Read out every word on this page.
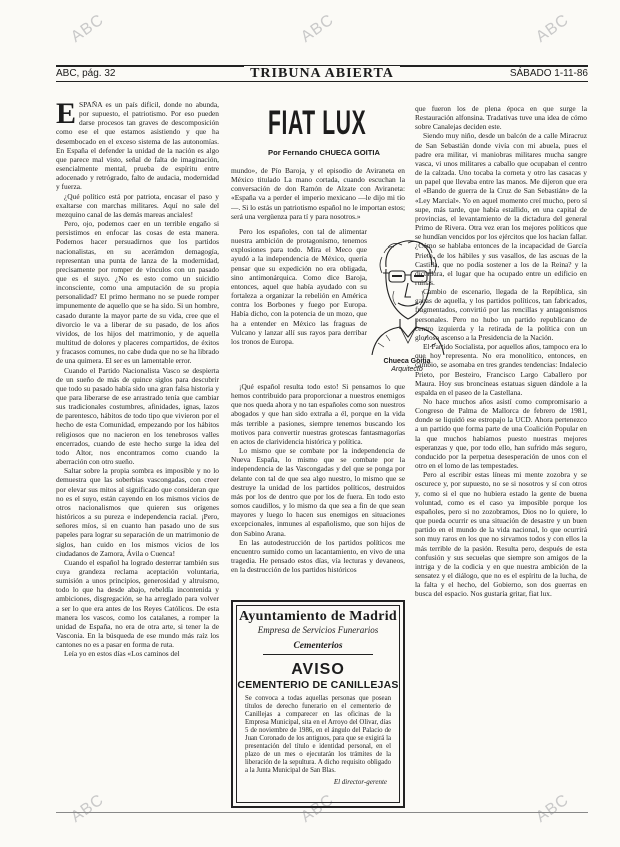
ABC	ABC	ABC
ABC	ABC	ABC
ABC, pág. 32	TRIBUNA ABIERTA	SÁBADO 1-11-86

ESPAÑA es un país difícil, donde no abunda, por supuesto, el patriotismo. Por eso pueden darse procesos tan graves de descomposición como ese el que estamos asistiendo y que ha desembocado en el exceso sistema de las autonomías. En España el defender la unidad de la nación es algo que parece mal visto, señal de falta de imaginación, esencialmente mental, prueba de espíritu entre adocenado y retrógrado, falto de audacia, modernidad y fuerza.

¿Qué político está por patriota, encasar el paso y exaltarse con marchas militares. Aquí no sale del mezquino canal de las demás mareas anciales!

Pero, ojo, podemos caer en un terrible engaño si persistimos en enfocar las cosas de esta manera. Podemos hacer persuadirnos que los partidos nacionalistas, en su acerámdon demagogía, representan una punta de lanza de la modernidad, precisamente por romper de vínculos con un pasado que es el suyo. ¿No es esto como un suicidio inconsciente, como una amputación de su propia personalidad? El primo hermano no se puede romper impunemente de aquello que se ha sido. Si un hombre, casado durante la mayor parte de su vida, cree que el divorcio le va a liberar de su pasado, de los años vividos, de los hijos del matrimonio, y de aquella multitud de dolores y placeres compartidos, de éxitos y fracasos comunes, no cabe duda que no se ha librado de una quimera. El ser es un lamentable error.

Cuando el Partido Nacionalista Vasco se despierta de un sueño de más de quince siglos para descubrir que todo su pasado había sido una gran falsa historia y que para liberarse de ese arrastrado tenía que cambiar sus tradicionales costumbres, afinidades, ignas, lazos de parentesco, hábitos de todo tipo que vivieron por el hecho de esta Comunidad, empezando por los hábitos religiosos que no nacieron en los tenebrosos valles encerrados, cuando de este hecho surge la idea del todo Altor, nos encontramos como cuando la aberración con otro sueño.

Saltar sobre la propia sombra es imposible y no lo demuestra que las soberbias vascongadas, con creer por elevar sus mitos al significado que consideran que no es el suyo, están cayendo en los mismos vicios de otros nacionalismos que quieren sus orígenes históricos a su pureza e independencia racial. ¡Pero, señores míos, si en cuanto han pasado uno de sus papeles para lograr su separación de un matrimonio de siglos, han cuido en los mismos vicios de los ciudadanos de Zamora, Ávila o Cuenca!

Cuando el español ha logrado desterrar también sus cuya grandeza reclama aceptación voluntaria, sumisión a unos principios, generosidad y altruismo, todo lo que ha desde abajo, rebeldía incontenida y ambiciones, disgregación, se ha arreglado para volver a ser lo que era antes de los Reyes Católicos. De esta manera los vascos, como los catalanes, a romper la unidad de España, no era de otra arte, si tener la de Vasconia. En la búsqueda de ese mundo más raíz los cantones no es a pasar en forma de ruta.

Leía yo en estos días «Los caminos del

FIAT LUX
Por Fernando CHUECA GOITIA

mundo», de Pío Baroja, y el episodio de Aviraneta en México titulado La mano cortada, cuando escuchan la conversación de don Ramón de Alzate con Aviraneta: «España va a perder el imperio mexicano —le dijo mi tío—. Si lo estás un patriotismo español no le importan estos; será una vergüenza para tí y para nosotros.»

Pero los españoles, con tal de alimentar nuestra ambición de protagonismo, tenemos explosiones para todo. Mira el Meco que ayudó a la independencia de México, quería pensar que su expedición no era obligada, sino antimonárquica. Como dice Baroja, entonces, aquel que había ayudado con su fortaleza a organizar la rebelión en América contra los Borbones y fuego por Europa. Había dicho, con la potencia de un mozo, que ha a entender en México las fraguas de Vulcano y lanzar allí sus rayos para derribar los tronos de Europa.

Chueca Goitia
Arquitecto

¡Qué español resulta todo esto! Si pensamos lo que hemos contribuido para proporcionar a nuestros enemigos que nos queda ahora y no tan españoles como son nuestros abogados y que han sido extraña a él, porque en la vida más terrible a pasiones, siempre tenemos buscando los motivos para convertir nuestras grotescas fantasmagorías en actos de clarividencia histórica y política.

Lo mismo que se combate por la independencia de Nueva España, lo mismo que se combate por la independencia de las Vascongadas y del que se ponga por delante con tal de que sea algo nuestro, lo mismo que se destruye la unidad de los partidos políticos, destruidos más por los de dentro que por los de fuera. En todo esto somos caudillos, y lo mismo da que sea a fin de que sean mayores y luego lo hacen sus enemigos en situaciones excepcionales, inmunes al españolismo, que son hijos de don Sabino Arana.

En las autodestrucción de los partidos políticos me encuentro sumido como un lacantamiento, en vivo de una tragedia. He pensado estos días, vía lecturas y devaneos, en la destrucción de los partidos históricos

Ayuntamiento de Madrid
Empresa de Servicios Funerarios
Cementerios
AVISO
CEMENTERIO DE CANILLEJAS
Se convoca a todas aquellas personas que posean títulos de derecho funerario en el cementerio de Canillejas a comparecer en las oficinas de la Empresa Municipal, sita en el Arroyo del Olivar, días 5 de noviembre de 1986, en el ángulo del Palacio de Juan Coronado de los antiguos, para que se exigirá la presentación del título e identidad personal, en el plazo de un mes o ejecutarán los trámites de la liberación de la sepultura. A dicho requisito obligado a la Junta Municipal de San Blas.
El director-gerente

que fueron los de plena época en que surge la Restauración alfonsina. Tradativas tuve una idea de cómo sobre Canalejas deciden este.

Siendo muy niño, desde un balcón de a calle Miracruz de San Sebastián donde vivía con mi abuela, pues el padre era militar, vi maniobras militares mucha sangre vasca, vi unos militares a caballo que ocupaban el centro de la calzada. Uno tocaba la corneta y otro las casacas y un papel que llevaba entre las manos. Me dijeron que era el «Bando de guerra de la Cruz de San Sebastián» de la «Ley Marcial». Yo en aquel momento creí mucho, pero sí supe, más tarde, que había estallido, en una capital de provincias, el levantamiento de la dictadura del general Primo de Rivera. Otra vez eran los mejores políticos que se hundían vencidos por los ejércitos que los hacían fallar. ¿Cómo se hablaba entonces de la incapacidad de García Prieto, de los hábiles y sus vasallos, de las ascuas de la Castilla, que no podía sostener a los de la Reina? y la dictadura, el lugar que ha ocupado entre un edificio en ruinas.

Cambio de escenario, llegada de la República, sin ganas de aquella, y los partidos políticos, tan fabricados, fragmentados, convirtió por las rencillas y antagonismos personales. Pero no hubo un partido republicano de centro izquierda y la retirada de la política con un glorioso ascenso a la Presidencia de la Nación.

El Partido Socialista, por aquellos años, tampoco era lo que hoy representa. No era monolítico, entonces, en cambio, se asomaba en tres grandes tendencias: Indalecio Prieto, por Besteiro, Francisco Largo Caballero por Maura. Hoy sus broncíneas estatuas siguen dándole a la espalda en el paseo de la Castellana.

No hace muchos años asistí como compromisario a Congreso de Palma de Mallorca de febrero de 1981, donde se liquidó ese estropajo la UCD. Ahora pertenezco a un partido que forma parte de una Coalición Popular en la que muchos habíamos puesto nuestras mejores esperanzas y que, por todo ello, han sufrido más seguro, conducido por la perpetua desesperación de unos con el otro en el lomo de las tempestades.

Pero al escribir estas líneas mi mente zozobra y se oscurece y, por supuesto, no se si nosotros y sí con otros y, como si el que no hubiera estado la gente de buena voluntad, como es el caso ya imposible porque los españoles, pero si no zozobramos, Dios no lo quiere, lo que pueda ocurrir es una situación de desastre y un buen partido en el mundo de la vida nacional, lo que ocurrirá son muy raros en los que no sirvamos todos y con ellos la más terrible de la pasión. Resulta pero, después de esta confusión y sus secuelas que siempre son amigos de la intriga y de la codicia y en que nuestra ambición de la sensatez y el diálogo, que no es el espíritu de la lucha, de la falta y el hecho, del Gobierno, son dos guerras en busca del espacio. Nos gustaría gritar, fiat lux.
